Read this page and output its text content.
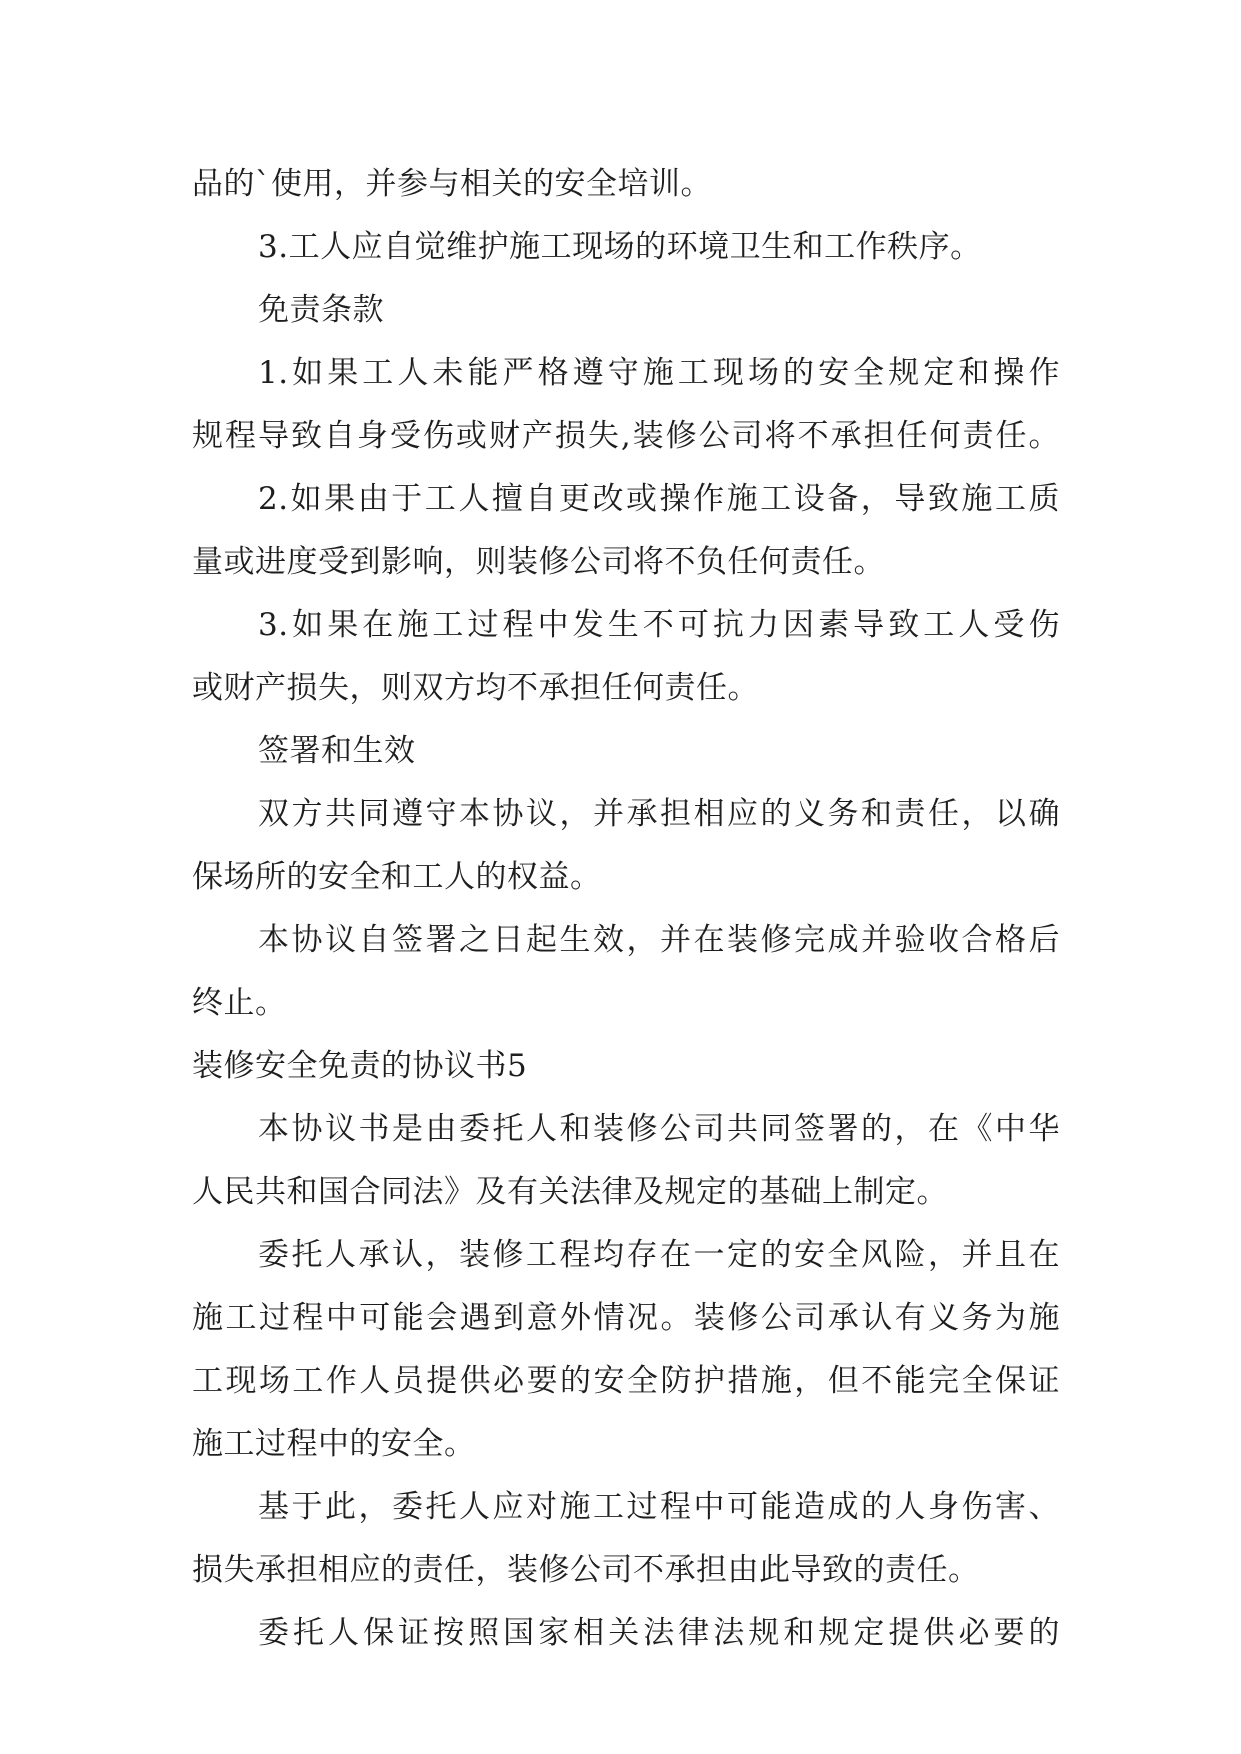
品的`使用，并参与相关的安全培训。
3.工人应自觉维护施工现场的环境卫生和工作秩序。
免责条款
1.如果工人未能严格遵守施工现场的安全规定和操作
规程导致自身受伤或财产损失,装修公司将不承担任何责任。
2.如果由于工人擅自更改或操作施工设备，导致施工质
量或进度受到影响，则装修公司将不负任何责任。
3.如果在施工过程中发生不可抗力因素导致工人受伤
或财产损失，则双方均不承担任何责任。
签署和生效
双方共同遵守本协议，并承担相应的义务和责任，以确
保场所的安全和工人的权益。
本协议自签署之日起生效，并在装修完成并验收合格后
终止。
装修安全免责的协议书5
本协议书是由委托人和装修公司共同签署的，在《中华
人民共和国合同法》及有关法律及规定的基础上制定。
委托人承认，装修工程均存在一定的安全风险，并且在
施工过程中可能会遇到意外情况。装修公司承认有义务为施
工现场工作人员提供必要的安全防护措施，但不能完全保证
施工过程中的安全。
基于此，委托人应对施工过程中可能造成的人身伤害、
损失承担相应的责任，装修公司不承担由此导致的责任。
委托人保证按照国家相关法律法规和规定提供必要的
